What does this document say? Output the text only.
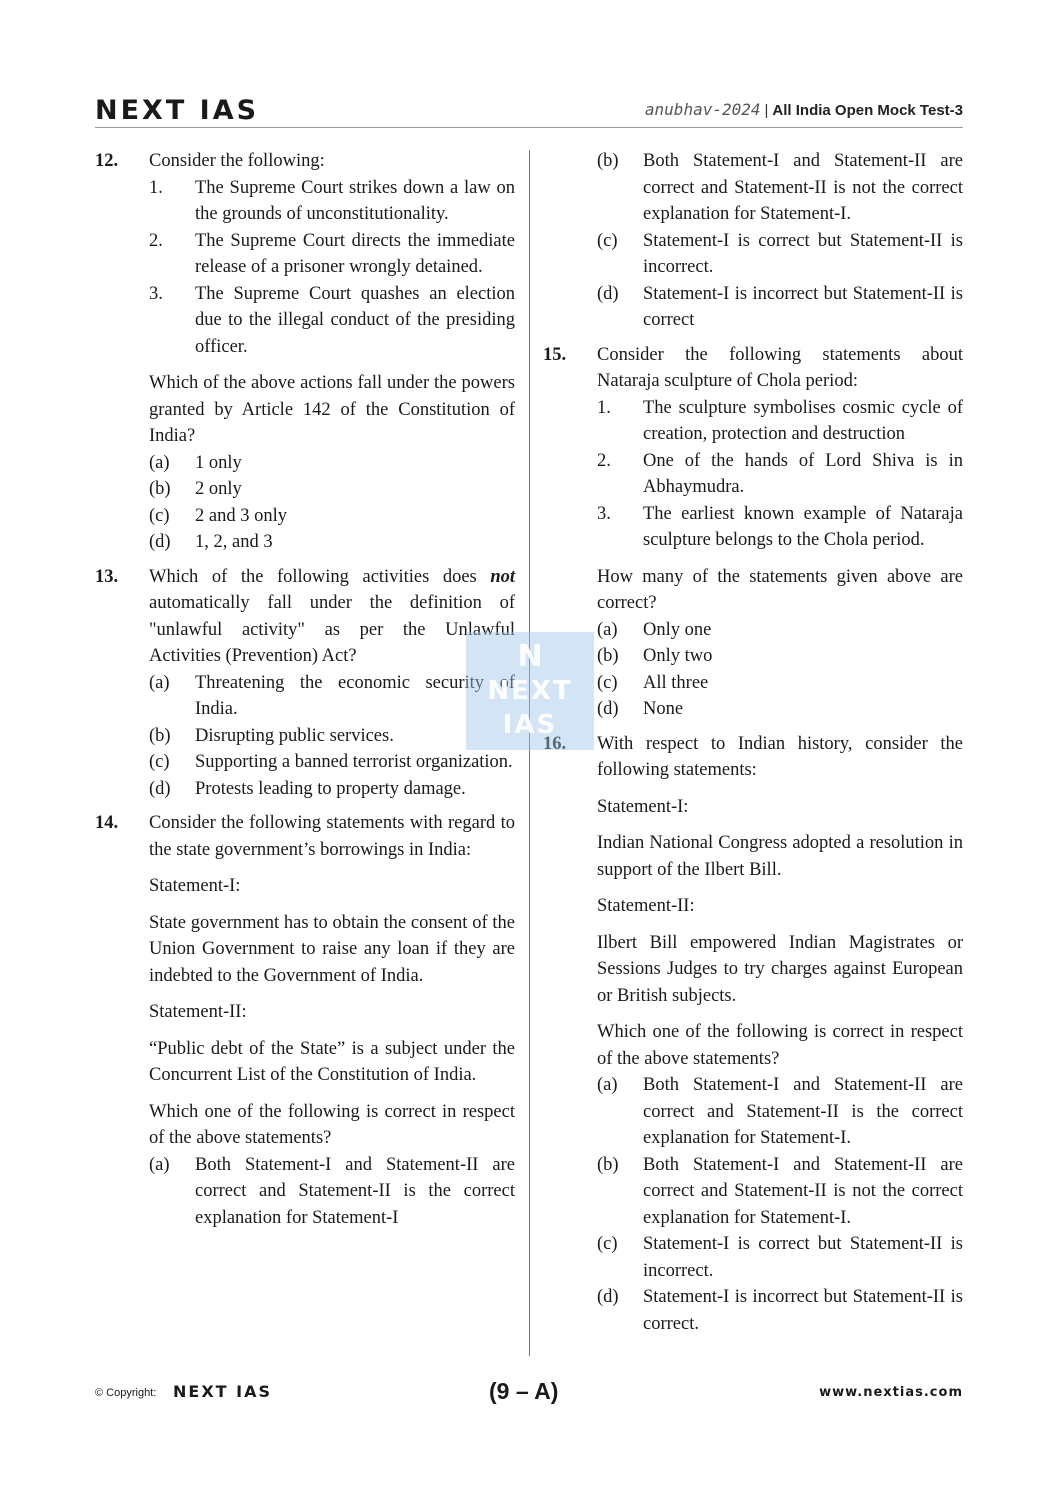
NEXT IAS	anubhav-2024 | All India Open Mock Test-3
12. Consider the following:

1. The Supreme Court strikes down a law on the grounds of unconstitutionality.
2. The Supreme Court directs the immediate release of a prisoner wrongly detained.
3. The Supreme Court quashes an election due to the illegal conduct of the presiding officer.

Which of the above actions fall under the powers granted by Article 142 of the Constitution of India?

(a) 1 only
(b) 2 only
(c) 2 and 3 only
(d) 1, 2, and 3
13. Which of the following activities does not automatically fall under the definition of "unlawful activity" as per the Unlawful Activities (Prevention) Act?

(a) Threatening the economic security of India.
(b) Disrupting public services.
(c) Supporting a banned terrorist organization.
(d) Protests leading to property damage.
14. Consider the following statements with regard to the state government’s borrowings in India:

Statement-I:

State government has to obtain the consent of the Union Government to raise any loan if they are indebted to the Government of India.

Statement-II:

“Public debt of the State” is a subject under the Concurrent List of the Constitution of India.

Which one of the following is correct in respect of the above statements?

(a) Both Statement-I and Statement-II are correct and Statement-II is the correct explanation for Statement-I
(b) Both Statement-I and Statement-II are correct and Statement-II is not the correct explanation for Statement-I.
(c) Statement-I is correct but Statement-II is incorrect.
(d) Statement-I is incorrect but Statement-II is correct
15. Consider the following statements about Nataraja sculpture of Chola period:

1. The sculpture symbolises cosmic cycle of creation, protection and destruction
2. One of the hands of Lord Shiva is in Abhaymudra.
3. The earliest known example of Nataraja sculpture belongs to the Chola period.

How many of the statements given above are correct?

(a) Only one
(b) Only two
(c) All three
(d) None
16. With respect to Indian history, consider the following statements:

Statement-I:

Indian National Congress adopted a resolution in support of the Ilbert Bill.

Statement-II:

Ilbert Bill empowered Indian Magistrates or Sessions Judges to try charges against European or British subjects.

Which one of the following is correct in respect of the above statements?

(a) Both Statement-I and Statement-II are correct and Statement-II is the correct explanation for Statement-I.
(b) Both Statement-I and Statement-II are correct and Statement-II is not the correct explanation for Statement-I.
(c) Statement-I is correct but Statement-II is incorrect.
(d) Statement-I is incorrect but Statement-II is correct.
N
NEXT IAS
© Copyright: NEXT IAS	(9 – A)	www.nextias.com
